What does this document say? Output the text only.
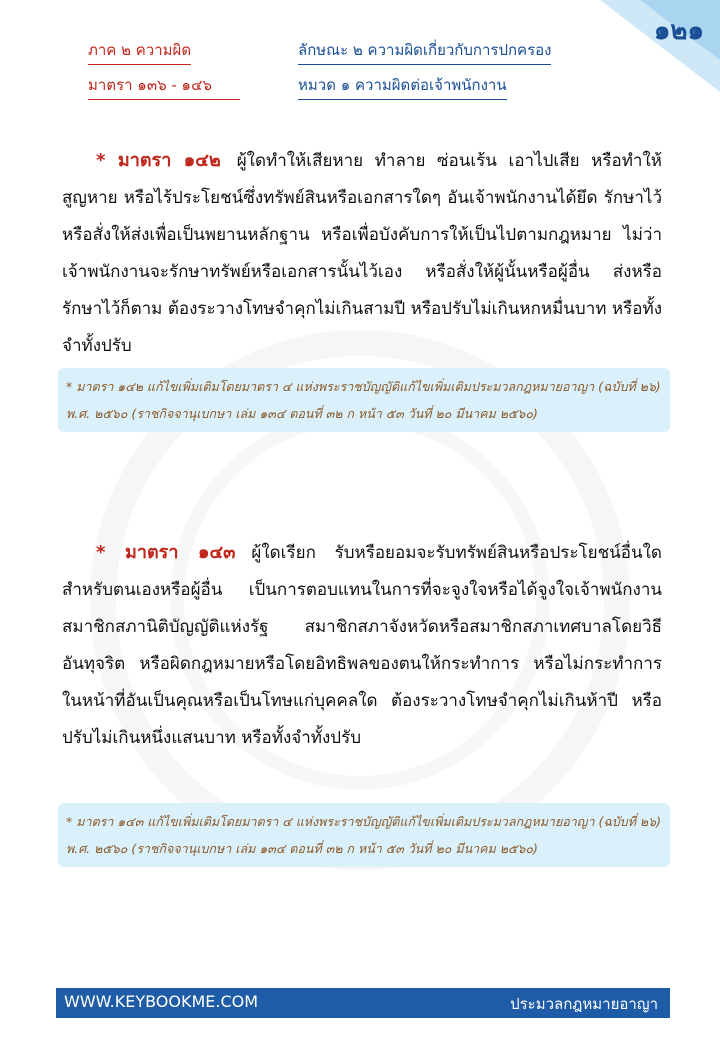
๑๒๑
ภาค ๒ ความผิด	ลักษณะ ๒ ความผิดเกี่ยวกับการปกครอง
มาตรา ๑๓๖ - ๑๔๖	หมวด ๑ ความผิดต่อเจ้าพนักงาน
* มาตรา ๑๔๒ ผู้ใดทำให้เสียหาย ทำลาย ซ่อนเร้น เอาไปเสีย หรือทำให้สูญหาย หรือไร้ประโยชน์ซึ่งทรัพย์สินหรือเอกสารใดๆ อันเจ้าพนักงานได้ยึด รักษาไว้ หรือสั่งให้ส่งเพื่อเป็นพยานหลักฐาน หรือเพื่อบังคับการให้เป็นไปตามกฎหมาย ไม่ว่าเจ้าพนักงานจะรักษาทรัพย์หรือเอกสารนั้นไว้เอง หรือสั่งให้ผู้นั้นหรือผู้อื่น ส่งหรือรักษาไว้ก็ตาม ต้องระวางโทษจำคุกไม่เกินสามปี หรือปรับไม่เกินหกหมื่นบาท หรือทั้งจำทั้งปรับ
* มาตรา ๑๔๒ แก้ไขเพิ่มเติมโดยมาตรา ๔ แห่งพระราชบัญญัติแก้ไขเพิ่มเติมประมวลกฎหมายอาญา (ฉบับที่ ๒๖) พ.ศ. ๒๕๖๐ (ราชกิจจานุเบกษา เล่ม ๑๓๔ ตอนที่ ๓๒ ก หน้า ๕๓ วันที่ ๒๐ มีนาคม ๒๕๖๐)
* มาตรา ๑๔๓ ผู้ใดเรียก รับหรือยอมจะรับทรัพย์สินหรือประโยชน์อื่นใดสำหรับตนเองหรือผู้อื่น เป็นการตอบแทนในการที่จะจูงใจหรือได้จูงใจเจ้าพนักงาน สมาชิกสภานิติบัญญัติแห่งรัฐ สมาชิกสภาจังหวัดหรือสมาชิกสภาเทศบาลโดยวิธีอันทุจริต หรือผิดกฎหมายหรือโดยอิทธิพลของตนให้กระทำการ หรือไม่กระทำการในหน้าที่อันเป็นคุณหรือเป็นโทษแก่บุคคลใด ต้องระวางโทษจำคุกไม่เกินห้าปี หรือปรับไม่เกินหนึ่งแสนบาท หรือทั้งจำทั้งปรับ
* มาตรา ๑๔๓ แก้ไขเพิ่มเติมโดยมาตรา ๔ แห่งพระราชบัญญัติแก้ไขเพิ่มเติมประมวลกฎหมายอาญา (ฉบับที่ ๒๖) พ.ศ. ๒๕๖๐ (ราชกิจจานุเบกษา เล่ม ๑๓๔ ตอนที่ ๓๒ ก หน้า ๕๓ วันที่ ๒๐ มีนาคม ๒๕๖๐)
WWW.KEYBOOKME.COM	ประมวลกฎหมายอาญา
